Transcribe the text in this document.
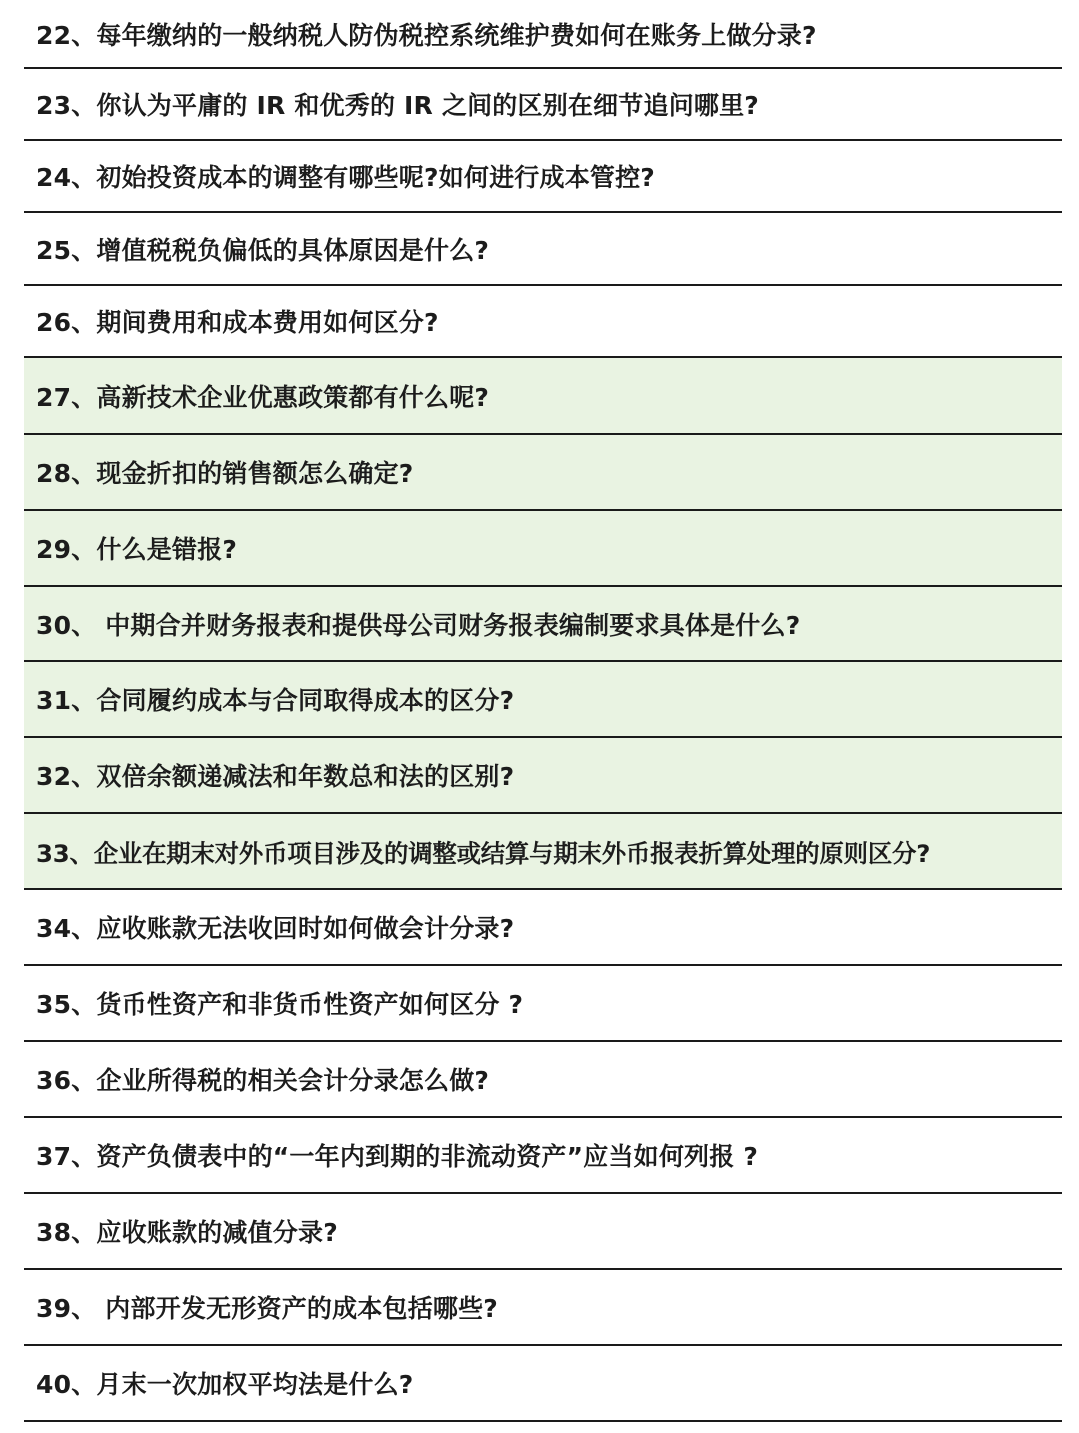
22、每年缴纳的一般纳税人防伪税控系统维护费如何在账务上做分录?
23、你认为平庸的 IR 和优秀的 IR 之间的区别在细节追问哪里?
24、初始投资成本的调整有哪些呢?如何进行成本管控?
25、增值税税负偏低的具体原因是什么?
26、期间费用和成本费用如何区分?
27、高新技术企业优惠政策都有什么呢?
28、现金折扣的销售额怎么确定?
29、什么是错报?
30、 中期合并财务报表和提供母公司财务报表编制要求具体是什么?
31、合同履约成本与合同取得成本的区分?
32、双倍余额递减法和年数总和法的区别?
33、企业在期末对外币项目涉及的调整或结算与期末外币报表折算处理的原则区分?
34、应收账款无法收回时如何做会计分录?
35、货币性资产和非货币性资产如何区分 ?
36、企业所得税的相关会计分录怎么做?
37、资产负债表中的“一年内到期的非流动资产”应当如何列报 ?
38、应收账款的减值分录?
39、 内部开发无形资产的成本包括哪些?
40、月末一次加权平均法是什么?
